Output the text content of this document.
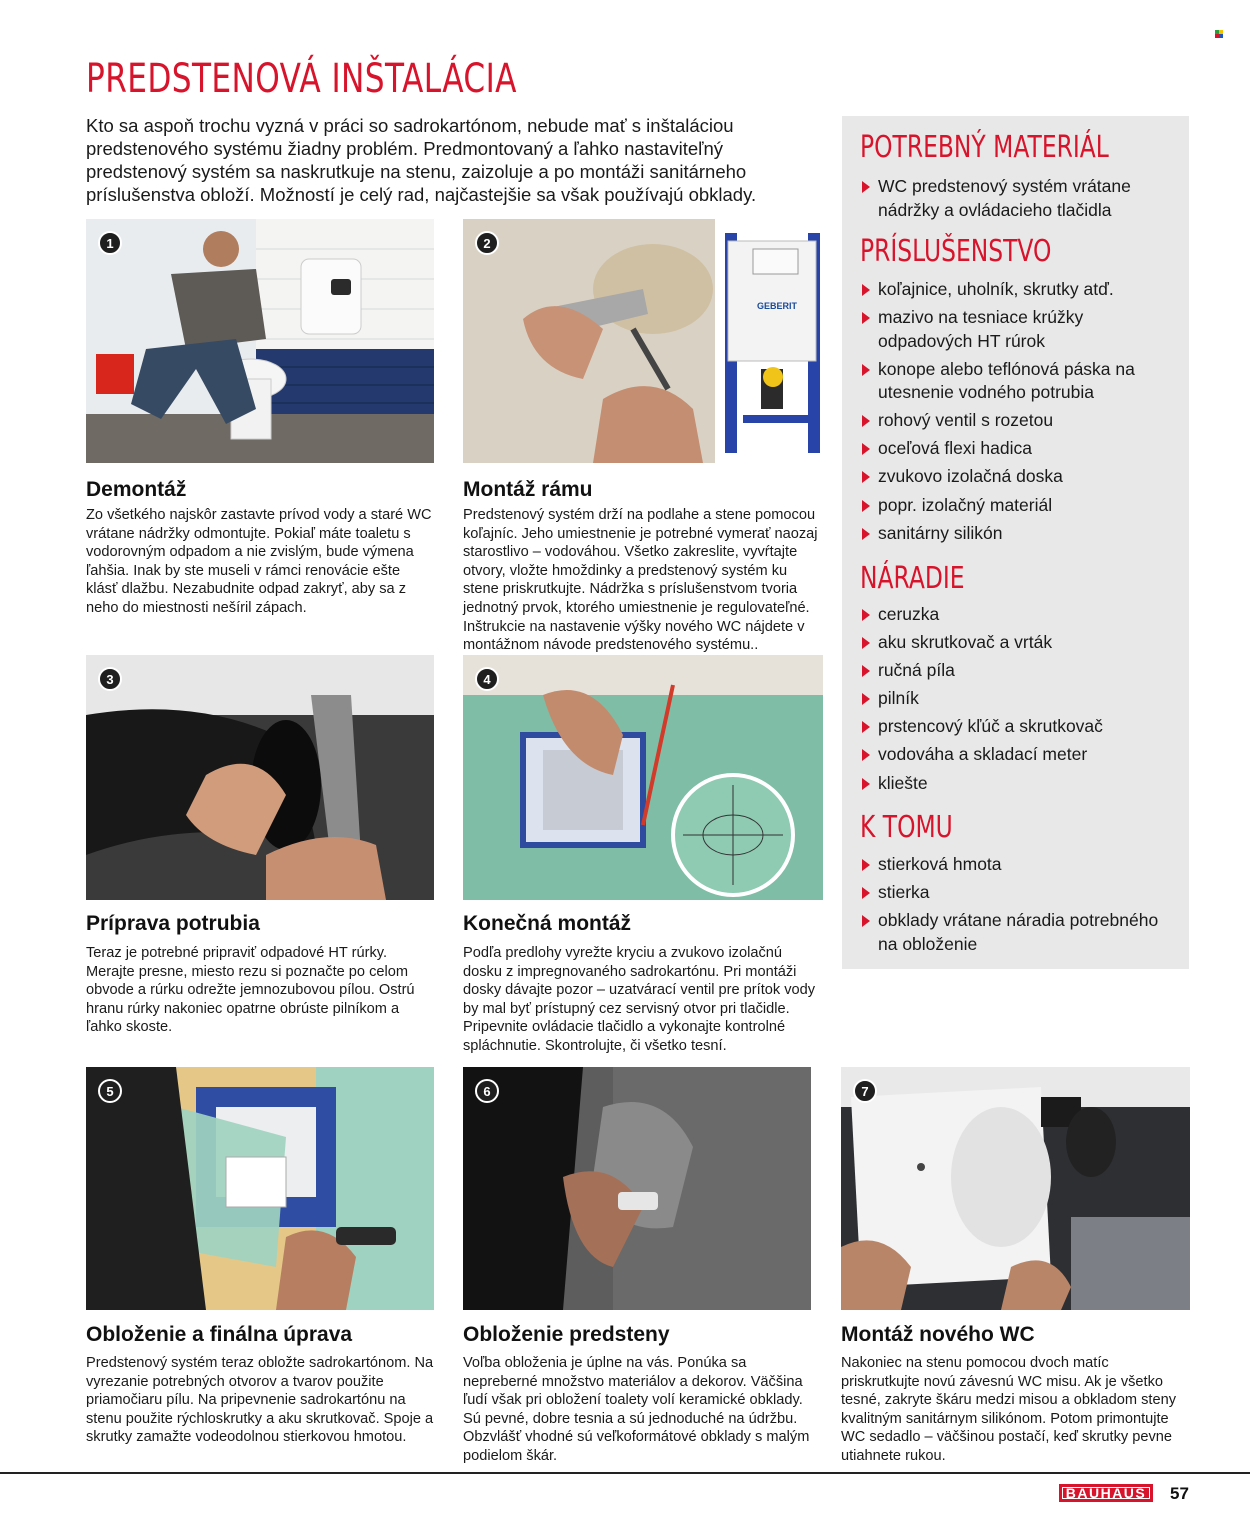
PREDSTENOVÁ INŠTALÁCIA

Kto sa aspoň trochu vyzná v práci so sadrokartónom, nebude mať s inštaláciou predstenového systému žiadny problém. Predmontovaný a ľahko nastaviteľný predstenový systém sa naskrutkuje na stenu, zaizoluje a po montáži sanitárneho príslušenstva obloží. Možností je celý rad, najčastejšie sa však používajú obklady.

1
GEBERIT
2
3	4
5	6	7
Demontáž

Zo všetkého najskôr zastavte prívod vody a staré WC vrátane nádržky odmontujte. Pokiaľ máte toaletu s vodorovným odpadom a nie zvislým, bude výmena ľahšia. Inak by ste museli v rámci renovácie ešte klásť dlažbu. Nezabudnite odpad zakryť, aby sa z neho do miestnosti nešíril zápach.

Montáž rámu

Predstenový systém drží na podlahe a stene pomocou koľajníc. Jeho umiestnenie je potrebné vymerať naozaj starostlivo – vodováhou. Všetko zakreslite, vyvŕtajte otvory, vložte hmoždinky a predstenový systém ku stene priskrutkujte. Nádržka s príslušenstvom tvoria jednotný prvok, ktorého umiestnenie je regulovateľné. Inštrukcie na nastavenie výšky nového WC nájdete v montážnom návode predstenového systému..

Príprava potrubia

Teraz je potrebné pripraviť odpadové HT rúrky. Merajte presne, miesto rezu si poznačte po celom obvode a rúrku odrežte jemnozubovou pílou. Ostrú hranu rúrky nakoniec opatrne obrúste pilníkom a ľahko skoste.

Konečná montáž

Podľa predlohy vyrežte kryciu a zvukovo izolačnú dosku z impregnovaného sadrokartónu. Pri montáži dosky dávajte pozor – uzatvárací ventil pre prítok vody by mal byť prístupný cez servisný otvor pri tlačidle. Pripevnite ovládacie tlačidlo a vykonajte kontrolné spláchnutie. Skontrolujte, či všetko tesní.

Obloženie a finálna úprava

Predstenový systém teraz obložte sadrokartónom. Na vyrezanie potrebných otvorov a tvarov použite priamočiaru pílu. Na pripevnenie sadrokartónu na stenu použite rýchloskrutky a aku skrutkovač. Spoje a skrutky zamažte vodeodolnou stierkovou hmotou.

Obloženie predsteny

Voľba obloženia je úplne na vás. Ponúka sa nepreberné množstvo materiálov a dekorov. Väčšina ľudí však pri obložení toalety volí keramické obklady. Sú pevné, dobre tesnia a sú jednoduché na údržbu. Obzvlášť vhodné sú veľkoformátové obklady s malým podielom škár.

Montáž nového WC

Nakoniec na stenu pomocou dvoch matíc priskrutkujte novú závesnú WC misu. Ak je všetko tesné, zakryte škáru medzi misou a obkladom steny kvalitným sanitárnym silikónom. Potom primontujte WC sedadlo – väčšinou postačí, keď skrutky pevne utiahnete rukou.

POTREBNÝ MATERIÁL
WC predstenový systém vrátane nádržky a ovládacieho tlačidla
PRÍSLUŠENSTVO
koľajnice, uholník, skrutky atď.
mazivo na tesniace krúžky odpadových HT rúrok
konope alebo teflónová páska na utesnenie vodného potrubia
rohový ventil s rozetou
oceľová flexi hadica
zvukovo izolačná doska
popr. izolačný materiál
sanitárny silikón
NÁRADIE
ceruzka
aku skrutkovač a vrták
ručná píla
pilník
prstencový kľúč a skrutkovač
vodováha a skladací meter
kliešte
K TOMU
stierková hmota
stierka
obklady vrátane náradia potrebného na obloženie
BAUHAUS	57
